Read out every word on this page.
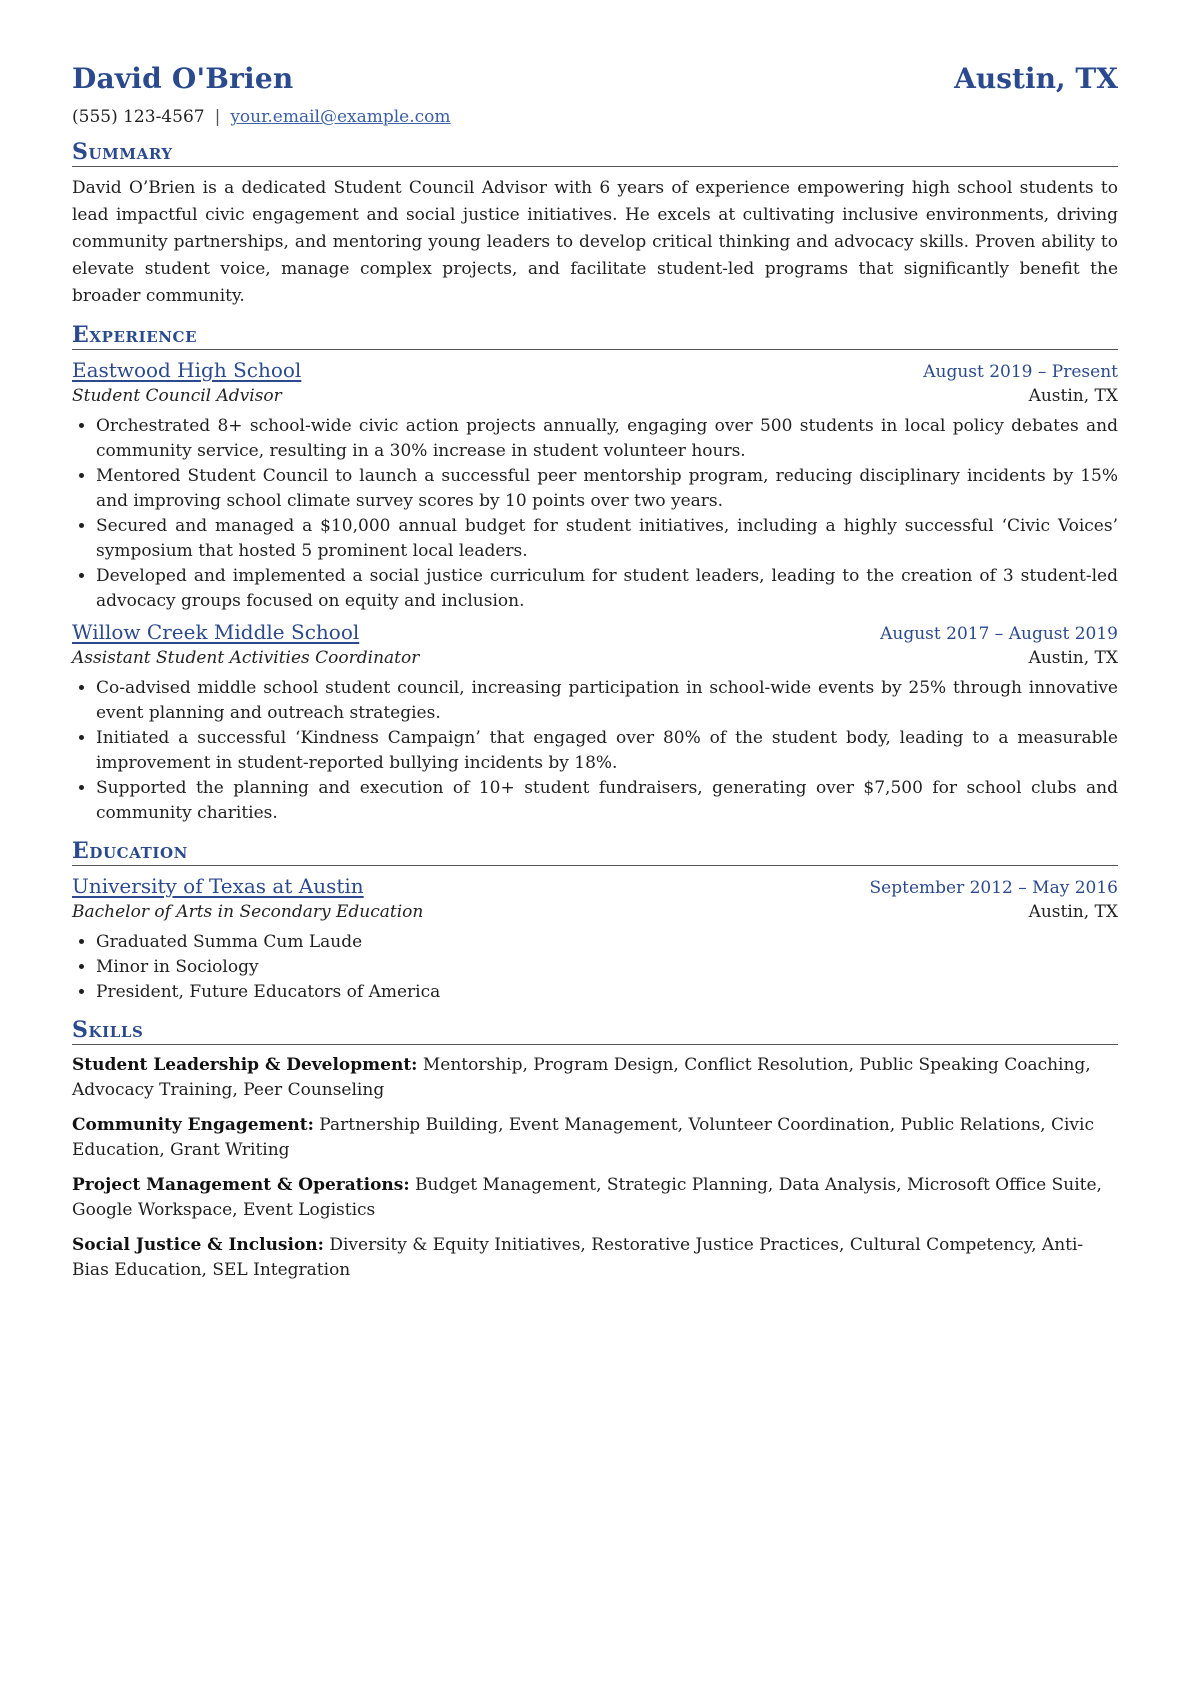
David O'Brien	Austin, TX
(555) 123-4567 | your.email@example.com
Summary
David O’Brien is a dedicated Student Council Advisor with 6 years of experience empowering high school students to lead impactful civic engagement and social justice initiatives. He excels at cultivating inclusive environments, driving community partnerships, and mentoring young leaders to develop critical thinking and advocacy skills. Proven ability to elevate student voice, manage complex projects, and facilitate student-led programs that significantly benefit the broader community.
Experience
Eastwood High School	August 2019 – Present
Student Council Advisor	Austin, TX
• Orchestrated 8+ school-wide civic action projects annually, engaging over 500 students in local policy debates and community service, resulting in a 30% increase in student volunteer hours.
• Mentored Student Council to launch a successful peer mentorship program, reducing disciplinary incidents by 15% and improving school climate survey scores by 10 points over two years.
• Secured and managed a $10,000 annual budget for student initiatives, including a highly successful ‘Civic Voices’ symposium that hosted 5 prominent local leaders.
• Developed and implemented a social justice curriculum for student leaders, leading to the creation of 3 student-led advocacy groups focused on equity and inclusion.
Willow Creek Middle School	August 2017 – August 2019
Assistant Student Activities Coordinator	Austin, TX
• Co-advised middle school student council, increasing participation in school-wide events by 25% through innovative event planning and outreach strategies.
• Initiated a successful ‘Kindness Campaign’ that engaged over 80% of the student body, leading to a measurable improvement in student-reported bullying incidents by 18%.
• Supported the planning and execution of 10+ student fundraisers, generating over $7,500 for school clubs and community charities.
Education
University of Texas at Austin	September 2012 – May 2016
Bachelor of Arts in Secondary Education	Austin, TX
• Graduated Summa Cum Laude
• Minor in Sociology
• President, Future Educators of America
Skills
Student Leadership & Development: Mentorship, Program Design, Conflict Resolution, Public Speaking Coaching, Advocacy Training, Peer Counseling
Community Engagement: Partnership Building, Event Management, Volunteer Coordination, Public Relations, Civic Education, Grant Writing
Project Management & Operations: Budget Management, Strategic Planning, Data Analysis, Microsoft Office Suite, Google Workspace, Event Logistics
Social Justice & Inclusion: Diversity & Equity Initiatives, Restorative Justice Practices, Cultural Competency, Anti-Bias Education, SEL Integration
